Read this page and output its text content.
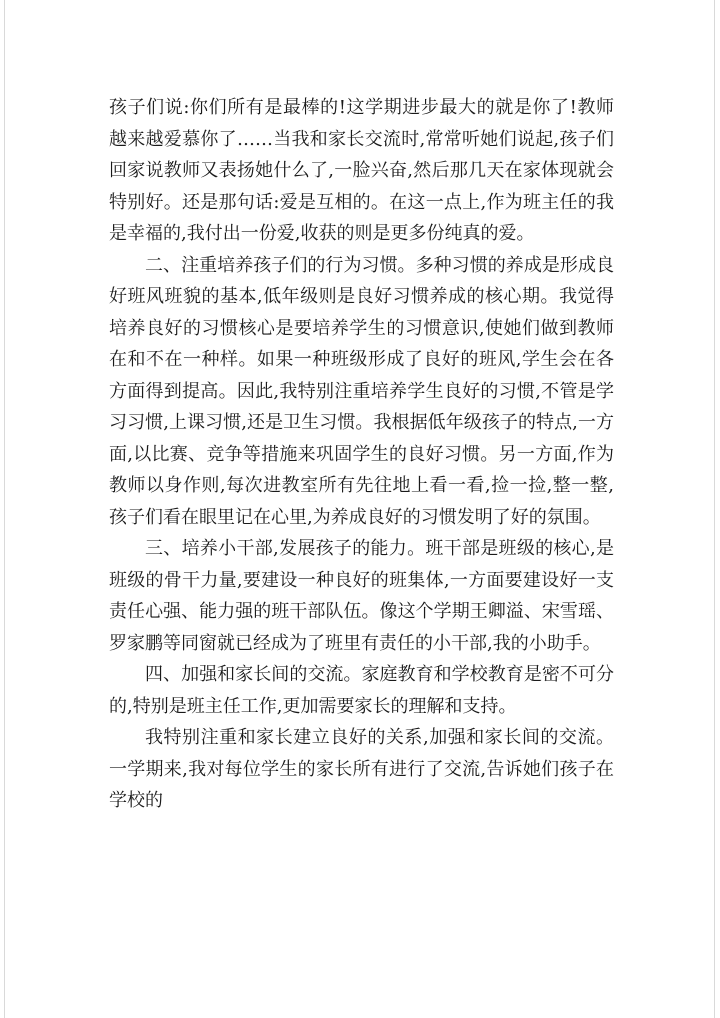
孩子们说:你们所有是最棒的!这学期进步最大的就是你了!教师越来越爱慕你了……当我和家长交流时,常常听她们说起,孩子们回家说教师又表扬她什么了,一脸兴奋,然后那几天在家体现就会特别好。还是那句话:爱是互相的。在这一点上,作为班主任的我是幸福的,我付出一份爱,收获的则是更多份纯真的爱。

二、注重培养孩子们的行为习惯。多种习惯的养成是形成良好班风班貌的基本,低年级则是良好习惯养成的核心期。我觉得培养良好的习惯核心是要培养学生的习惯意识,使她们做到教师在和不在一种样。如果一种班级形成了良好的班风,学生会在各方面得到提高。因此,我特别注重培养学生良好的习惯,不管是学习习惯,上课习惯,还是卫生习惯。我根据低年级孩子的特点,一方面,以比赛、竞争等措施来巩固学生的良好习惯。另一方面,作为教师以身作则,每次进教室所有先往地上看一看,捡一捡,整一整,孩子们看在眼里记在心里,为养成良好的习惯发明了好的氛围。

三、培养小干部,发展孩子的能力。班干部是班级的核心,是班级的骨干力量,要建设一种良好的班集体,一方面要建设好一支责任心强、能力强的班干部队伍。像这个学期王卿溢、宋雪瑶、罗家鹏等同窗就已经成为了班里有责任的小干部,我的小助手。

四、加强和家长间的交流。家庭教育和学校教育是密不可分的,特别是班主任工作,更加需要家长的理解和支持。

我特别注重和家长建立良好的关系,加强和家长间的交流。一学期来,我对每位学生的家长所有进行了交流,告诉她们孩子在学校的
